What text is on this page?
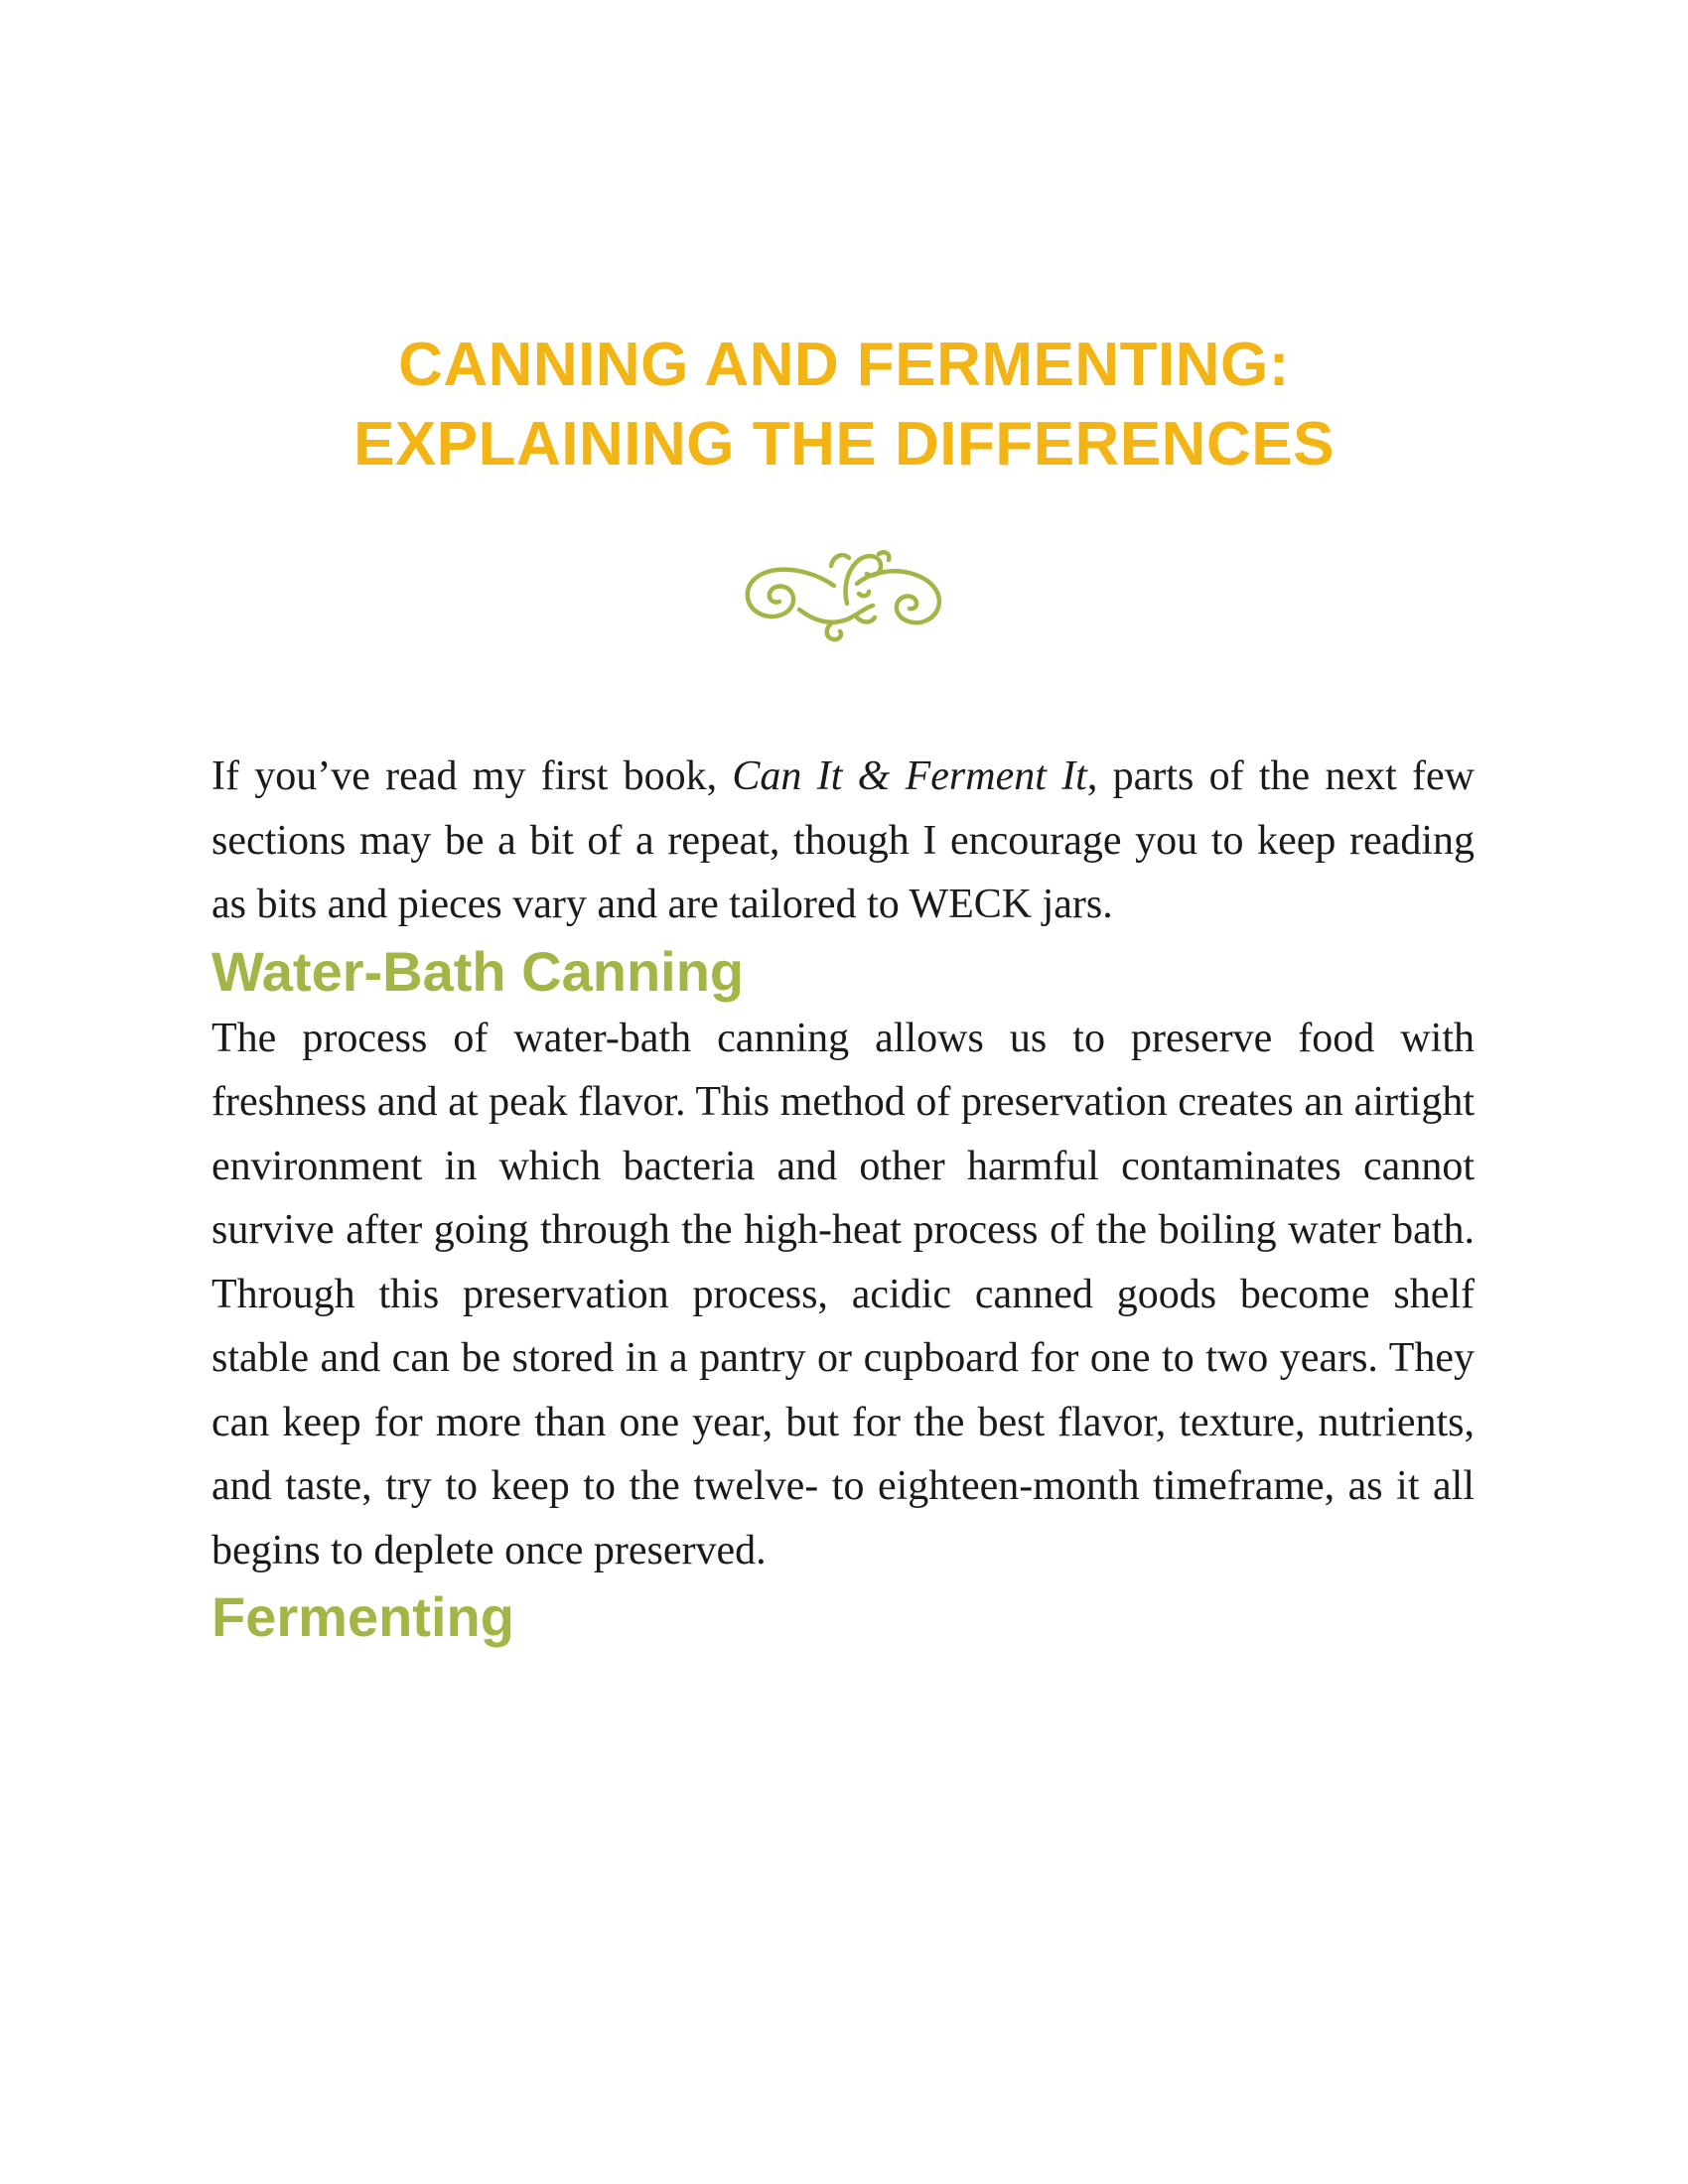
CANNING AND FERMENTING:
EXPLAINING THE DIFFERENCES

If you’ve read my first book, Can It & Ferment It, parts of the next few sections may be a bit of a repeat, though I encourage you to keep reading as bits and pieces vary and are tailored to WECK jars.

Water-Bath Canning

The process of water-bath canning allows us to preserve food with freshness and at peak flavor. This method of preservation creates an airtight environment in which bacteria and other harmful contaminates cannot survive after going through the high-heat process of the boiling water bath. Through this preservation process, acidic canned goods become shelf stable and can be stored in a pantry or cupboard for one to two years. They can keep for more than one year, but for the best flavor, texture, nutrients, and taste, try to keep to the twelve- to eighteen-month timeframe, as it all begins to deplete once preserved.

Fermenting
